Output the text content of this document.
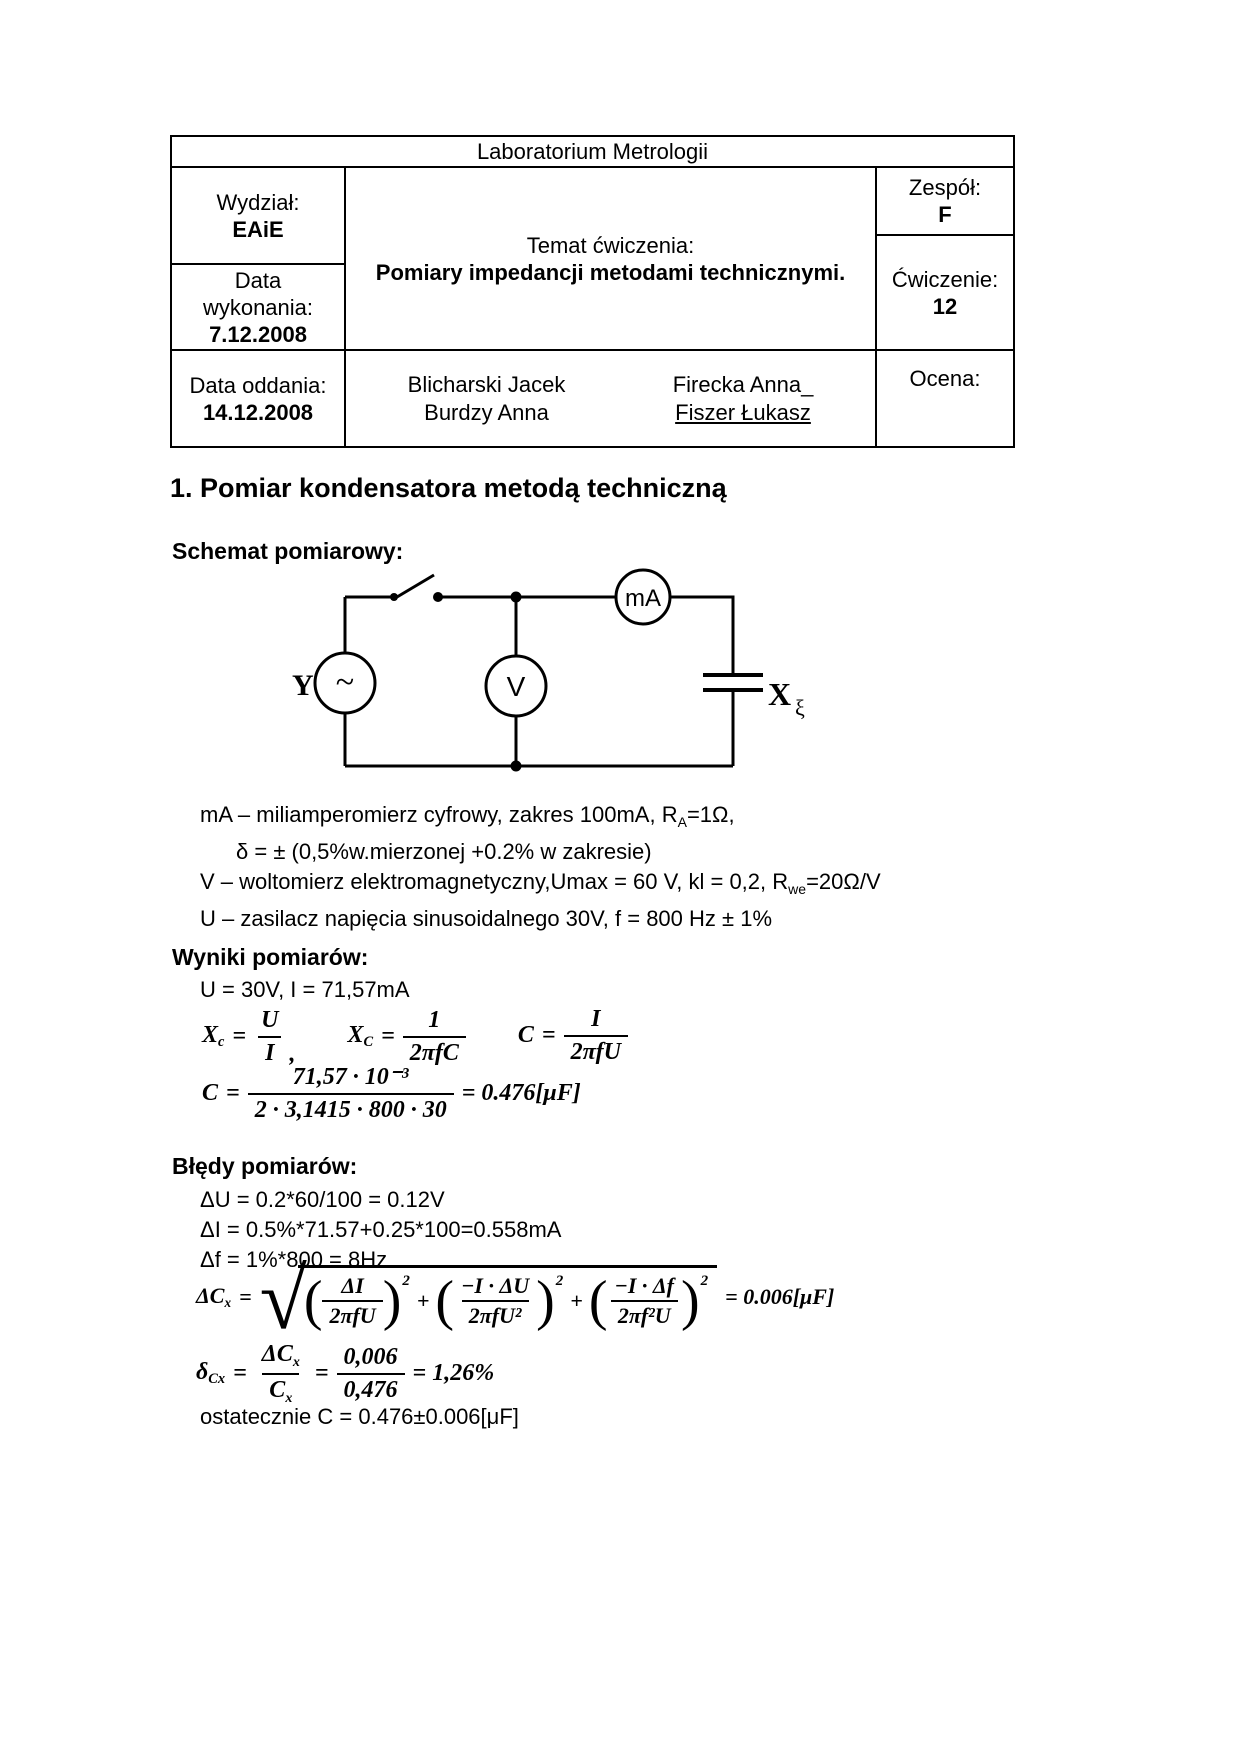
Laboratorium Metrologii
Wydział:
EAiE
Data wykonania:
7.12.2008
Data oddania:
14.12.2008
Temat ćwiczenia:
Pomiary impedancji metodami technicznymi.
Blicharski Jacek
Burdzy Anna
Firecka Anna_
Fiszer Łukasz
Zespół:
F
Ćwiczenie:
12
Ocena:
1. Pomiar kondensatora metodą techniczną
Schemat pomiarowy:
Y ~	V
mA
X ξ
mA – miliamperomierz cyfrowy, zakres 100mA, $R_A=1\Omega$,
δ = ± (0,5%w.mierzonej +0.2% w zakresie)
V – woltomierz elektromagnetyczny,Umax = 60 V, kl = 0,2, $R_{we}=20\Omega/V$
U – zasilacz napięcia sinusoidalnego 30V, f = 800 Hz ± 1%
Wyniki pomiarów:
U = 30V, I = 71,57mA
$X_c = \frac{U}{I}$ ,

$X_C = \frac{1}{\text{2πfC}}$
$C = \frac{I}{\text{2πfU}}$
$C = \frac{\text{71,57 · 10⁻³}}{2 \cdot 3,1415 \cdot 800 \cdot 30} = 0.476[\mu F]$
Błędy pomiarów:
ΔU = 0.2*60/100 = 0.12V
ΔI = 0.5%*71.57+0.25*100=0.558mA
Δf = 1%*800 = 8Hz
$\Delta C_x$ = √
( $\frac{\Delta I}{\text{2πfU}}$ ) 2
+ ( $\frac{-I \cdot \Delta U}{\text{2πfU²}}$ ) 2
+ ( $\frac{-I \cdot \Delta f}{\text{2πf²U}}$ ) 2
= 0.006[μF]
$\delta_{Cx} = \frac{\Delta C_x}{C_x} = \frac{0,006}{0,476} = 1,26\%$
ostatecznie C = 0.476±0.006[μF]
